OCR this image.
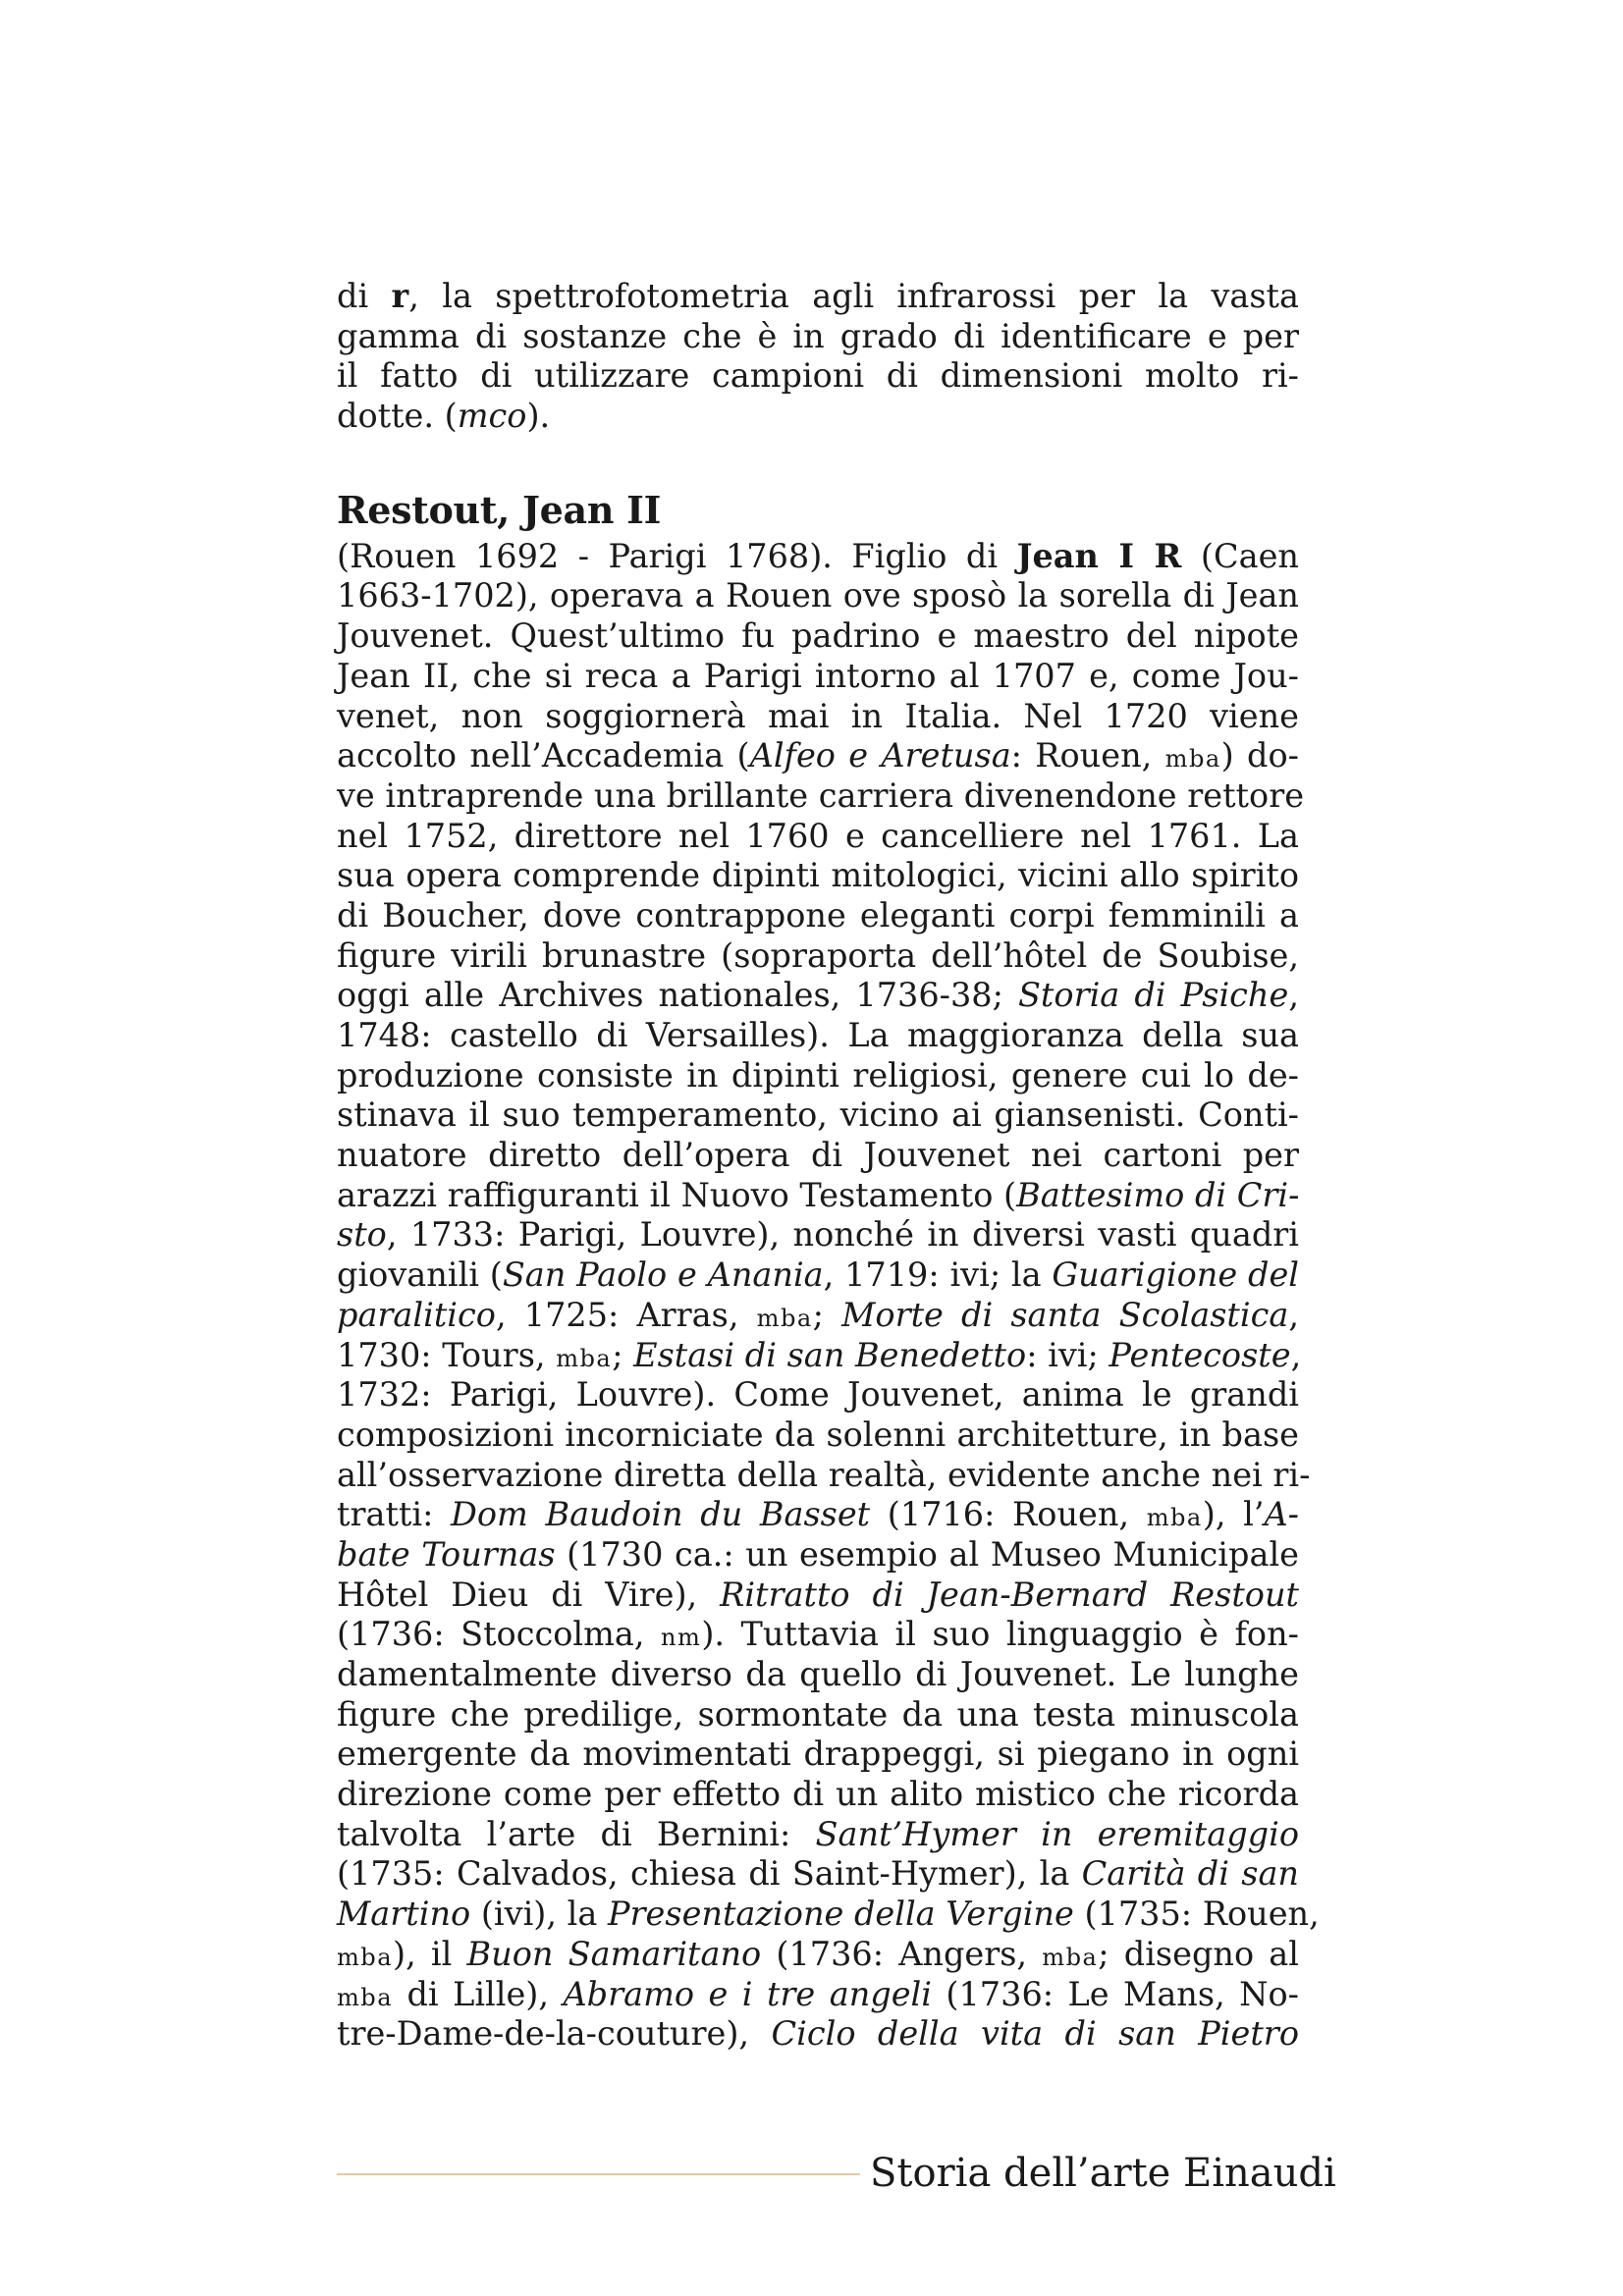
di r, la spettrofotometria agli infrarossi per la vasta
gamma di sostanze che è in grado di identificare e per
il fatto di utilizzare campioni di dimensioni molto ri-
dotte. (mco).
Restout, Jean II
(Rouen 1692 - Parigi 1768). Figlio di Jean I R (Caen
1663-1702), operava a Rouen ove sposò la sorella di Jean
Jouvenet. Quest’ultimo fu padrino e maestro del nipote
Jean II, che si reca a Parigi intorno al 1707 e, come Jou-
venet, non soggiornerà mai in Italia. Nel 1720 viene
accolto nell’Accademia (Alfeo e Aretusa: Rouen, mba) do-
ve intraprende una brillante carriera divenendone rettore
nel 1752, direttore nel 1760 e cancelliere nel 1761. La
sua opera comprende dipinti mitologici, vicini allo spirito
di Boucher, dove contrappone eleganti corpi femminili a
figure virili brunastre (sopraporta dell’hôtel de Soubise,
oggi alle Archives nationales, 1736-38; Storia di Psiche,
1748: castello di Versailles). La maggioranza della sua
produzione consiste in dipinti religiosi, genere cui lo de-
stinava il suo temperamento, vicino ai giansenisti. Conti-
nuatore diretto dell’opera di Jouvenet nei cartoni per
arazzi raffiguranti il Nuovo Testamento (Battesimo di Cri-
sto, 1733: Parigi, Louvre), nonché in diversi vasti quadri
giovanili (San Paolo e Anania, 1719: ivi; la Guarigione del
paralitico, 1725: Arras, mba; Morte di santa Scolastica,
1730: Tours, mba; Estasi di san Benedetto: ivi; Pentecoste,
1732: Parigi, Louvre). Come Jouvenet, anima le grandi
composizioni incorniciate da solenni architetture, in base
all’osservazione diretta della realtà, evidente anche nei ri-
tratti: Dom Baudoin du Basset (1716: Rouen, mba), l’A-
bate Tournas (1730 ca.: un esempio al Museo Municipale
Hôtel Dieu di Vire), Ritratto di Jean-Bernard Restout
(1736: Stoccolma, nm). Tuttavia il suo linguaggio è fon-
damentalmente diverso da quello di Jouvenet. Le lunghe
figure che predilige, sormontate da una testa minuscola
emergente da movimentati drappeggi, si piegano in ogni
direzione come per effetto di un alito mistico che ricorda
talvolta l’arte di Bernini: Sant’Hymer in eremitaggio
(1735: Calvados, chiesa di Saint-Hymer), la Carità di san
Martino (ivi), la Presentazione della Vergine (1735: Rouen,
mba), il Buon Samaritano (1736: Angers, mba; disegno al
mba di Lille), Abramo e i tre angeli (1736: Le Mans, No-
tre-Dame-de-la-couture), Ciclo della vita di san Pietro
Storia dell’arte Einaudi
